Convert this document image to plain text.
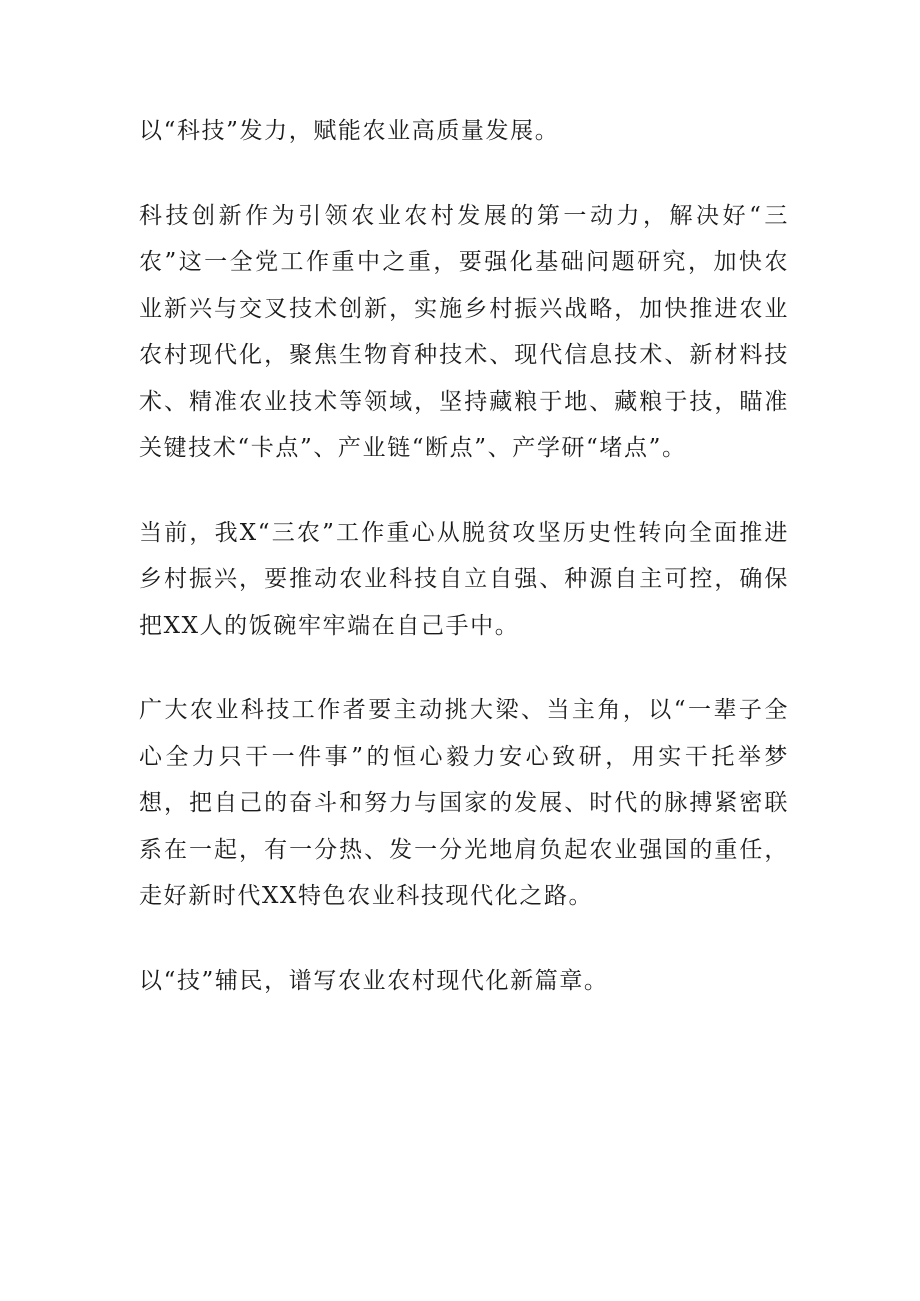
以“科技”发力，赋能农业高质量发展。

科技创新作为引领农业农村发展的第一动力，解决好“三农”这一全党工作重中之重，要强化基础问题研究，加快农业新兴与交叉技术创新，实施乡村振兴战略，加快推进农业农村现代化，聚焦生物育种技术、现代信息技术、新材料技术、精准农业技术等领域，坚持藏粮于地、藏粮于技，瞄准关键技术“卡点”、产业链“断点”、产学研“堵点”。

当前，我X“三农”工作重心从脱贫攻坚历史性转向全面推进乡村振兴，要推动农业科技自立自强、种源自主可控，确保把XX人的饭碗牢牢端在自己手中。

广大农业科技工作者要主动挑大梁、当主角，以“一辈子全心全力只干一件事”的恒心毅力安心致研，用实干托举梦想，把自己的奋斗和努力与国家的发展、时代的脉搏紧密联系在一起，有一分热、发一分光地肩负起农业强国的重任，走好新时代XX特色农业科技现代化之路。

以“技”辅民，谱写农业农村现代化新篇章。
